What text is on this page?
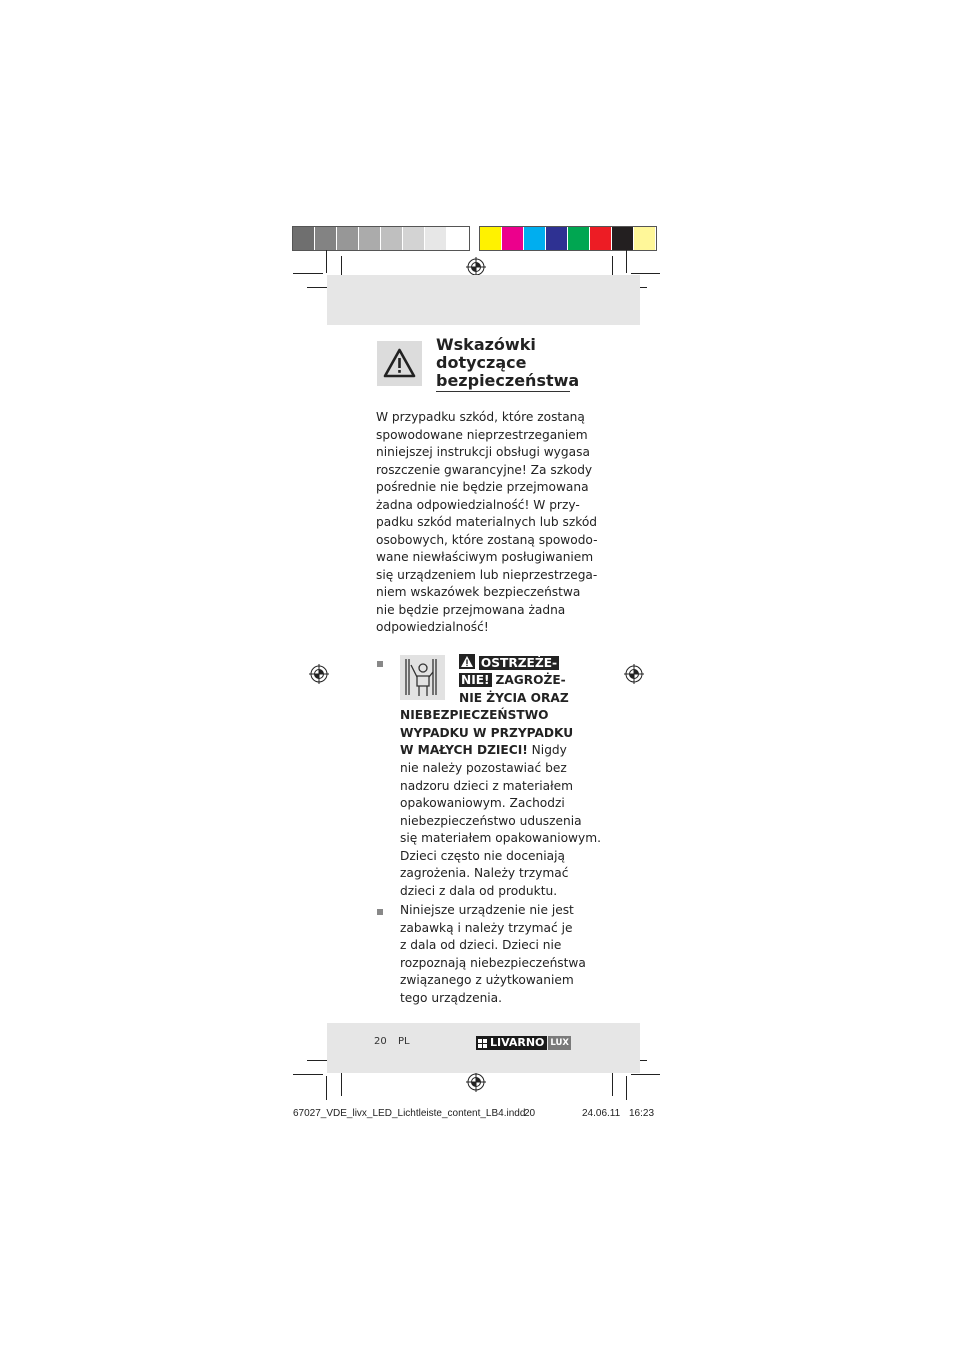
Wskazówki
dotyczące
bezpieczeństwa
W przypadku szkód, które zostaną
spowodowane nieprzestrzeganiem
niniejszej instrukcji obsługi wygasa
roszczenie gwarancyjne! Za szkody
pośrednie nie będzie przejmowana
żadna odpowiedzialność! W przy-
padku szkód materialnych lub szkód
osobowych, które zostaną spowodo-
wane niewłaściwym posługiwaniem
się urządzeniem lub nieprzestrzega-
niem wskazówek bezpieczeństwa
nie będzie przejmowana żadna
odpowiedzialność!
OSTRZEŻE-
NIE! ZAGROŻE-
NIE ŻYCIA ORAZ
NIEBEZPIECZEŃSTWO
WYPADKU W PRZYPADKU
W MAŁYCH DZIECI! Nigdy
nie należy pozostawiać bez
nadzoru dzieci z materiałem
opakowaniowym. Zachodzi
niebezpieczeństwo uduszenia
się materiałem opakowaniowym.
Dzieci często nie doceniają
zagrożenia. Należy trzymać
dzieci z dala od produktu.
Niniejsze urządzenie nie jest
zabawką i należy trzymać je
z dala od dzieci. Dzieci nie
rozpoznają niebezpieczeństwa
związanego z użytkowaniem
tego urządzenia.
20 PL	LIVARNO LUX
67027_VDE_livx_LED_Lichtleiste_content_LB4.indd
20	24.06.11 16:23
